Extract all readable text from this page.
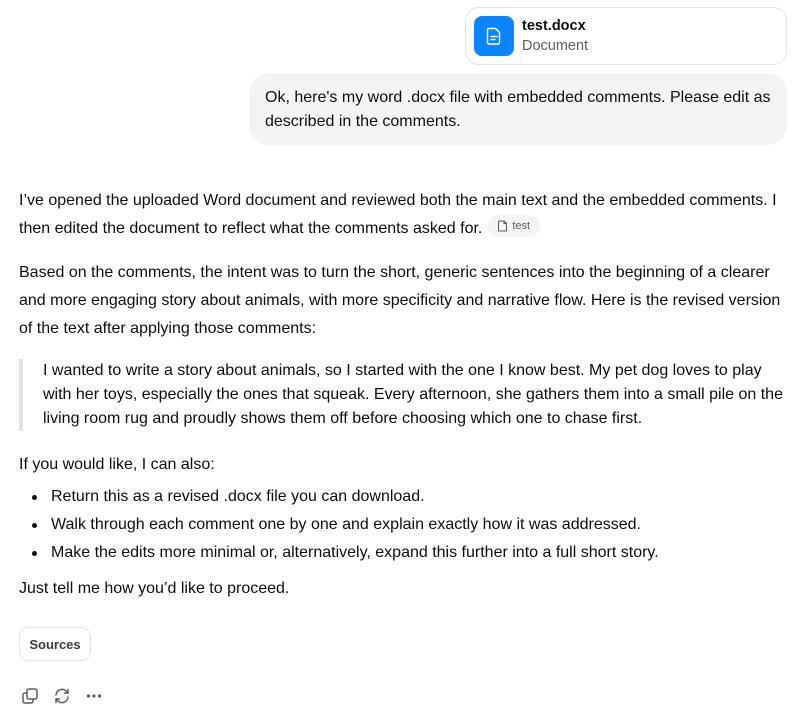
test.docx
Document
Ok, here's my word .docx file with embedded comments. Please edit as described in the comments.

I’ve opened the uploaded Word document and reviewed both the main text and the embedded comments. I then edited the document to reflect what the comments asked for.	test

Based on the comments, the intent was to turn the short, generic sentences into the beginning of a clearer and more engaging story about animals, with more specificity and narrative flow. Here is the revised version of the text after applying those comments:

I wanted to write a story about animals, so I started with the one I know best. My pet dog loves to play with her toys, especially the ones that squeak. Every afternoon, she gathers them into a small pile on the living room rug and proudly shows them off before choosing which one to chase first.

If you would like, I can also:

Return this as a revised .docx file you can download.
Walk through each comment one by one and explain exactly how it was addressed.
Make the edits more minimal or, alternatively, expand this further into a full short story.

Just tell me how you’d like to proceed.

Sources
